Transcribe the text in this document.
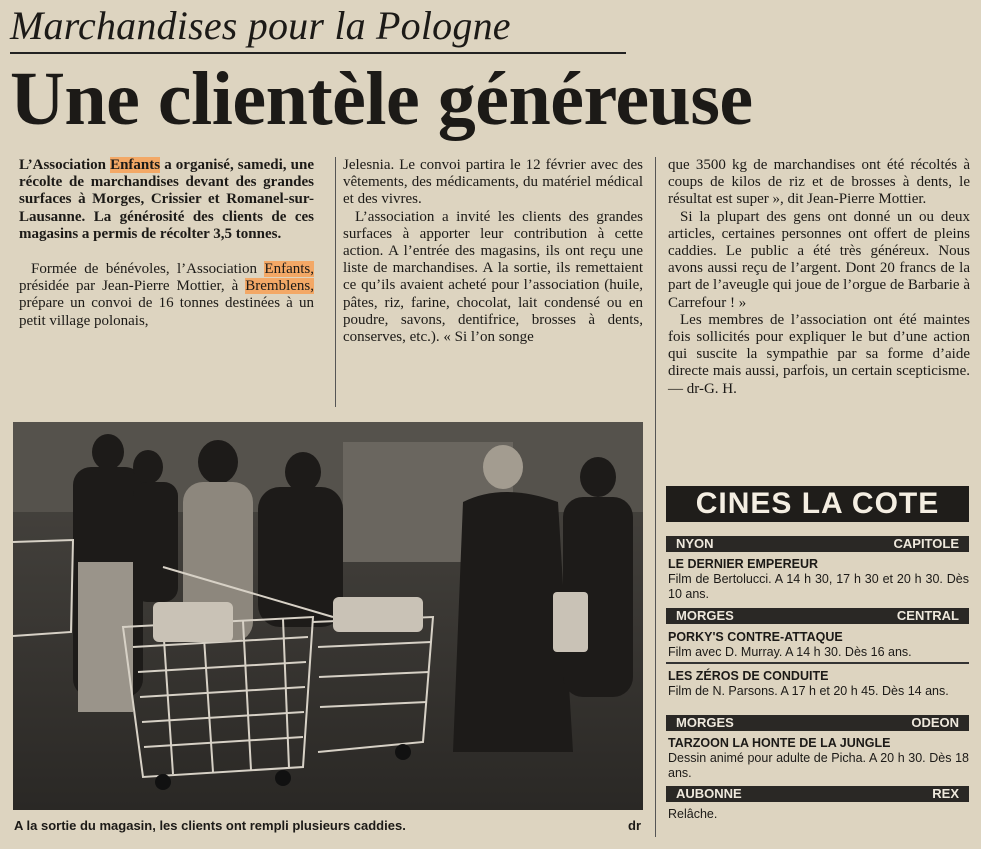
Marchandises pour la Pologne
Une clientèle généreuse

L’Association Enfants a organisé, samedi, une récolte de marchandises devant des grandes surfaces à Morges, Crissier et Romanel-sur-Lausanne. La générosité des clients de ces magasins a permis de récolter 3,5 tonnes.

Formée de bénévoles, l’Association Enfants, présidée par Jean-Pierre Mottier, à Bremblens, prépare un convoi de 16 tonnes destinées à un petit village polonais,

Jelesnia. Le convoi partira le 12 février avec des vêtements, des médicaments, du matériel médical et des vivres.

L’association a invité les clients des grandes surfaces à apporter leur contribution à cette action. A l’entrée des magasins, ils ont reçu une liste de marchandises. A la sortie, ils remettaient ce qu’ils avaient acheté pour l’association (huile, pâtes, riz, farine, chocolat, lait condensé ou en poudre, savons, dentifrice, brosses à dents, conserves, etc.). « Si l’on songe

que 3500 kg de marchandises ont été récoltés à coups de kilos de riz et de brosses à dents, le résultat est super », dit Jean-Pierre Mottier.

Si la plupart des gens ont donné un ou deux articles, certaines personnes ont offert de pleins caddies. Le public a été très généreux. Nous avons aussi reçu de l’argent. Dont 20 francs de la part de l’aveugle qui joue de l’orgue de Barbarie à Carrefour ! »

Les membres de l’association ont été maintes fois sollicités pour expliquer le but d’une action qui suscite la sympathie par sa forme d’aide directe mais aussi, parfois, un certain scepticisme. — dr-G. H.

A la sortie du magasin, les clients ont rempli plusieurs caddies.	dr
CINES LA COTE
NYON	CAPITOLE
LE DERNIER EMPEREUR
Film de Bertolucci. A 14 h 30, 17 h 30 et 20 h 30. Dès 10 ans.
MORGES	CENTRAL
PORKY'S CONTRE-ATTAQUE
Film avec D. Murray. A 14 h 30. Dès 16 ans.
LES ZÉROS DE CONDUITE
Film de N. Parsons. A 17 h et 20 h 45. Dès 14 ans.
MORGES	ODEON
TARZOON LA HONTE DE LA JUNGLE
Dessin animé pour adulte de Picha. A 20 h 30. Dès 18 ans.
AUBONNE	REX
Relâche.
